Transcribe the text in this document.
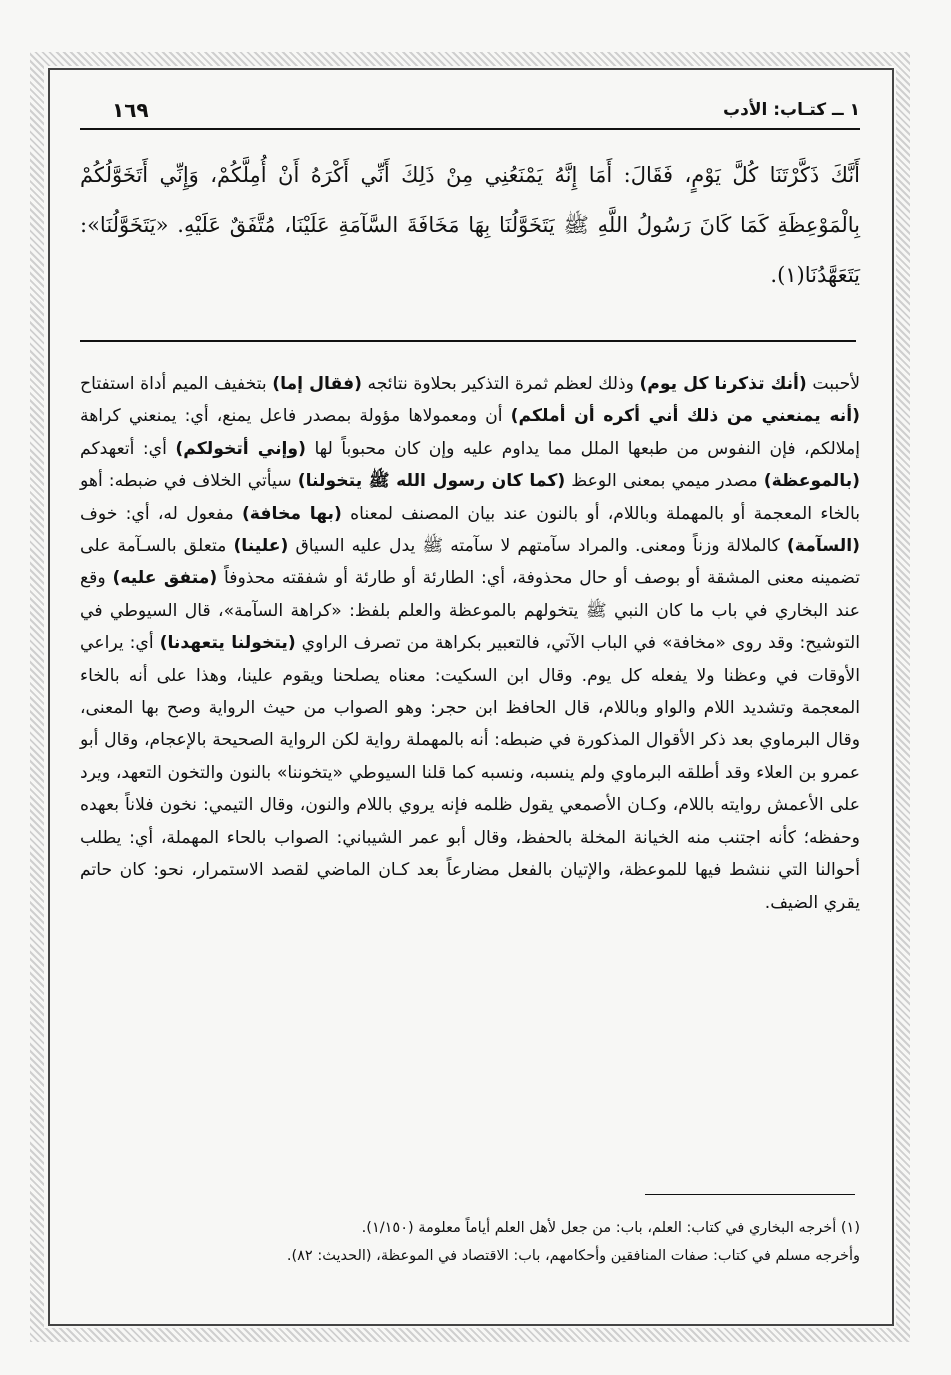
١ ــ كتـاب: الأدب
١٦٩
أَنَّكَ ذَكَّرْتَنَا كُلَّ يَوْمٍ، فَقَالَ: أَمَا إِنَّهُ يَمْنَعُنِي مِنْ ذَلِكَ أَنِّي أَكْرَهُ أَنْ أُمِلَّكُمْ، وَإِنِّي أَتَخَوَّلُكُمْ بِالْمَوْعِظَةِ كَمَا كَانَ رَسُولُ اللَّهِ ﷺ يَتَخَوَّلُنَا بِهَا مَخَافَةَ السَّآمَةِ عَلَيْنَا، مُتَّفَقٌ عَلَيْهِ. «يَتَخَوَّلُنَا»: يَتَعَهَّدُنَا(١).

لأحببت (أنك تذكرنا كل يوم) وذلك لعظم ثمرة التذكير بحلاوة نتائجه (فقال إما) بتخفيف الميم أداة استفتاح (أنه يمنعني من ذلك أني أكره أن أملكم) أن ومعمولاها مؤولة بمصدر فاعل يمنع، أي: يمنعني كراهة إملالكم، فإن النفوس من طبعها الملل مما يداوم عليه وإن كان محبوباً لها (وإني أتخولكم) أي: أتعهدكم (بالموعظة) مصدر ميمي بمعنى الوعظ (كما كان رسول الله ﷺ يتخولنا) سيأتي الخلاف في ضبطه: أهو بالخاء المعجمة أو بالمهملة وباللام، أو بالنون عند بيان المصنف لمعناه (بها مخافة) مفعول له، أي: خوف (السآمة) كالملالة وزناً ومعنى. والمراد سآمتهم لا سآمته ﷺ يدل عليه السياق (علينا) متعلق بالسـآمة على تضمينه معنى المشقة أو بوصف أو حال محذوفة، أي: الطارئة أو طارئة أو شفقته محذوفاً (متفق عليه) وقع عند البخاري في باب ما كان النبي ﷺ يتخولهم بالموعظة والعلم بلفظ: «كراهة السآمة»، قال السيوطي في التوشيح: وقد روى «مخافة» في الباب الآتي، فالتعبير بكراهة من تصرف الراوي (يتخولنا يتعهدنا) أي: يراعي الأوقات في وعظنا ولا يفعله كل يوم. وقال ابن السكيت: معناه يصلحنا ويقوم علينا، وهذا على أنه بالخاء المعجمة وتشديد اللام والواو وباللام، قال الحافظ ابن حجر: وهو الصواب من حيث الرواية وصح بها المعنى، وقال البرماوي بعد ذكر الأقوال المذكورة في ضبطه: أنه بالمهملة رواية لكن الرواية الصحيحة بالإعجام، وقال أبو عمرو بن العلاء وقد أطلقه البرماوي ولم ينسبه، ونسبه كما قلنا السيوطي «يتخوننا» بالنون والتخون التعهد، ويرد على الأعمش روايته باللام، وكـان الأصمعي يقول ظلمه فإنه يروي باللام والنون، وقال التيمي: نخون فلاناً بعهده وحفظه؛ كأنه اجتنب منه الخيانة المخلة بالحفظ، وقال أبو عمر الشيباني: الصواب بالحاء المهملة، أي: يطلب أحوالنا التي ننشط فيها للموعظة، والإتيان بالفعل مضارعاً بعد كـان الماضي لقصد الاستمرار، نحو: كان حاتم يقري الضيف.

(١) أخرجه البخاري في كتاب: العلم، باب: من جعل لأهل العلم أياماً معلومة (١/١٥٠).
وأخرجه مسلم في كتاب: صفات المنافقين وأحكامهم، باب: الاقتصاد في الموعظة، (الحديث: ٨٢).
